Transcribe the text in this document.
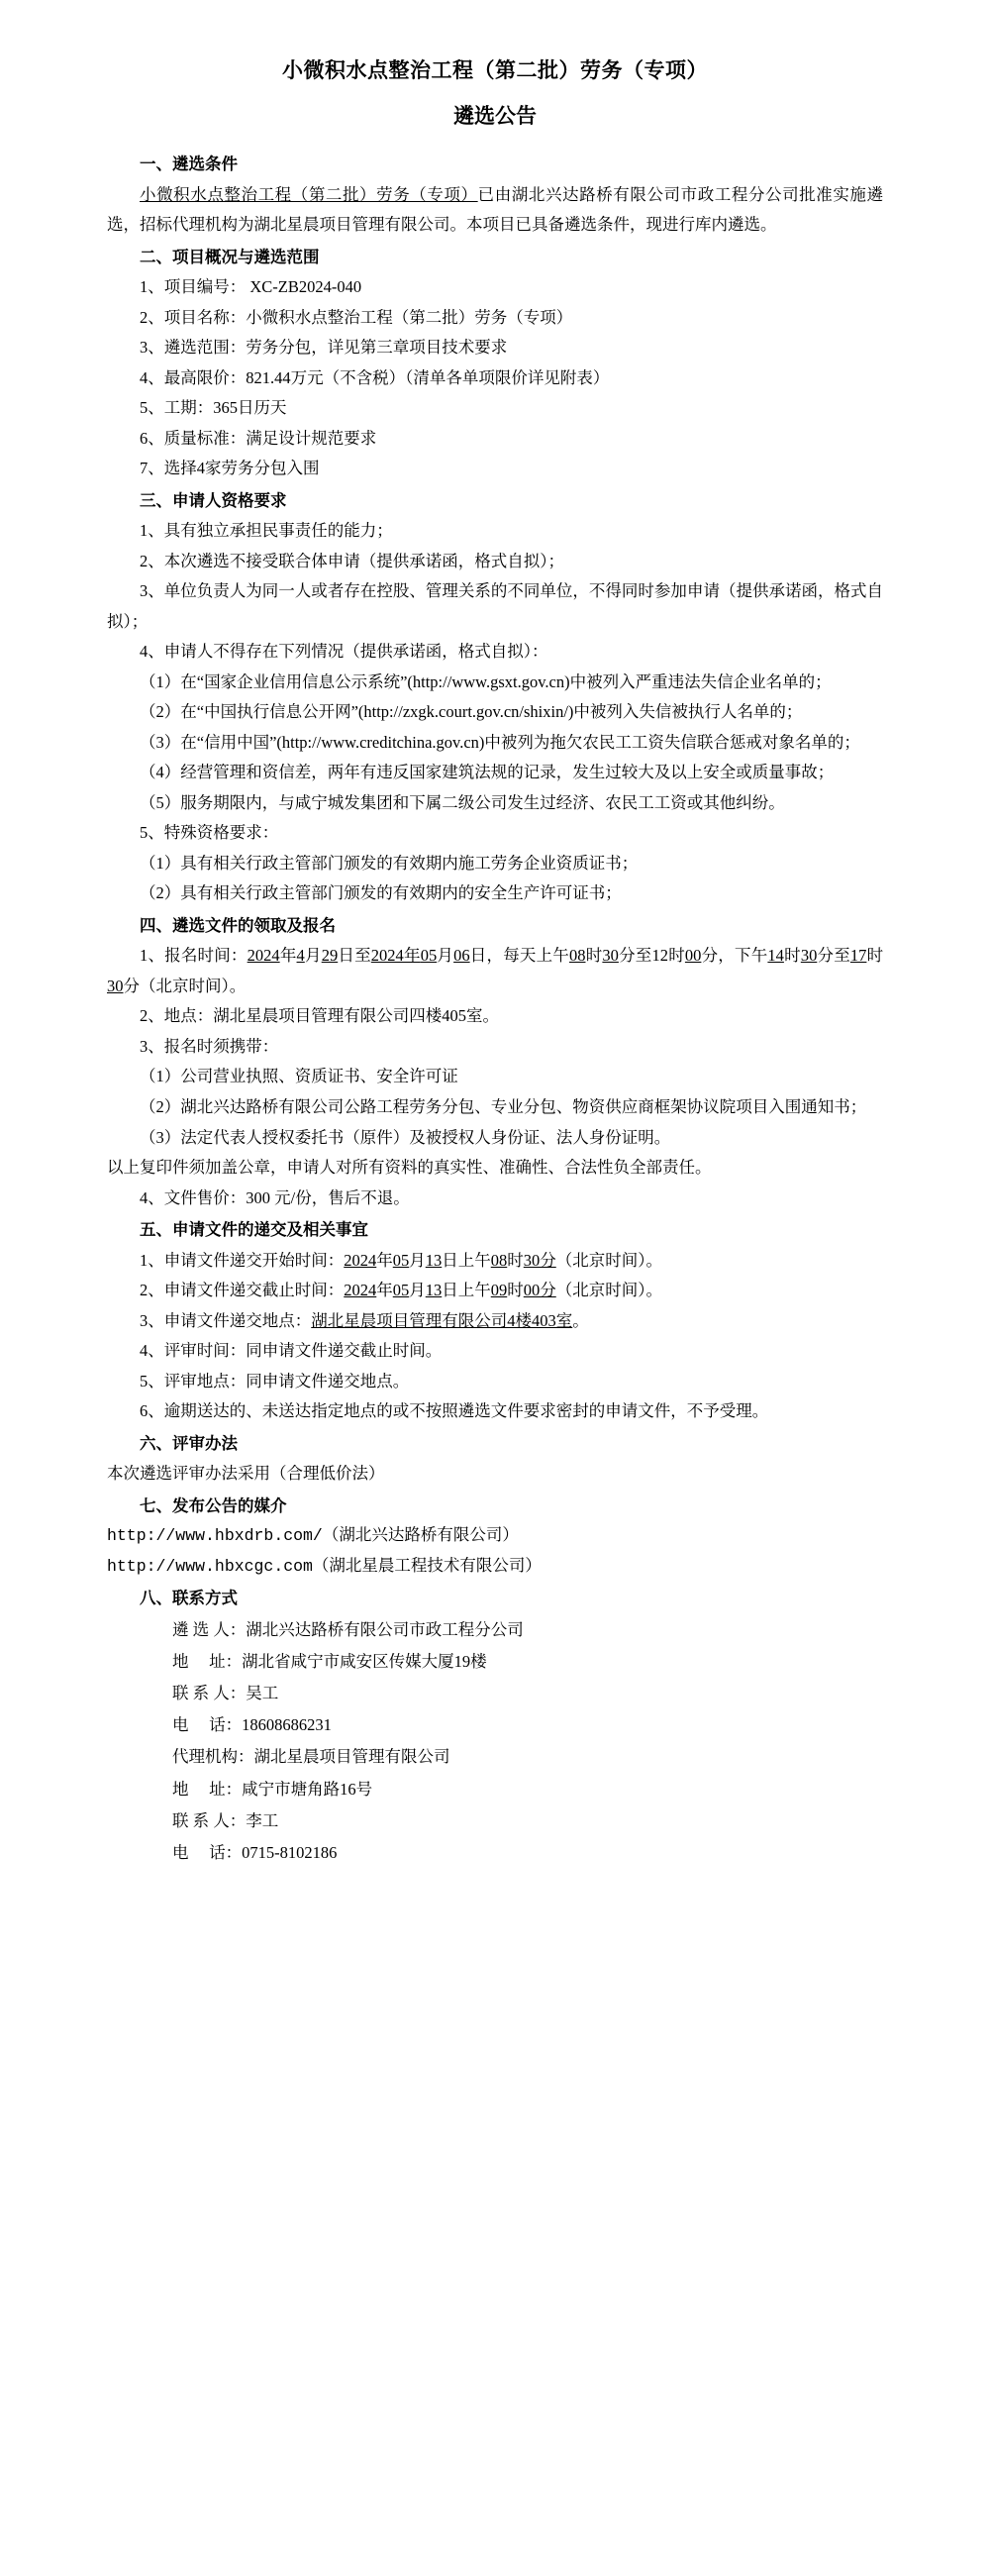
小微积水点整治工程（第二批）劳务（专项）
遴选公告
一、遴选条件

小微积水点整治工程（第二批）劳务（专项）已由湖北兴达路桥有限公司市政工程分公司批准实施遴选，招标代理机构为湖北星晨项目管理有限公司。本项目已具备遴选条件，现进行库内遴选。

二、项目概况与遴选范围

1、项目编号： XC-ZB2024-040

2、项目名称：小微积水点整治工程（第二批）劳务（专项）

3、遴选范围：劳务分包，详见第三章项目技术要求

4、最高限价：821.44万元（不含税）（清单各单项限价详见附表）

5、工期：365日历天

6、质量标准：满足设计规范要求

7、选择4家劳务分包入围

三、申请人资格要求

1、具有独立承担民事责任的能力；

2、本次遴选不接受联合体申请（提供承诺函，格式自拟）；

3、单位负责人为同一人或者存在控股、管理关系的不同单位，不得同时参加申请（提供承诺函，格式自拟）；

4、申请人不得存在下列情况（提供承诺函，格式自拟）：

（1）在“国家企业信用信息公示系统”(http://www.gsxt.gov.cn)中被列入严重违法失信企业名单的；

（2）在“中国执行信息公开网”(http://zxgk.court.gov.cn/shixin/)中被列入失信被执行人名单的；

（3）在“信用中国”(http://www.creditchina.gov.cn)中被列为拖欠农民工工资失信联合惩戒对象名单的；

（4）经营管理和资信差，两年有违反国家建筑法规的记录，发生过较大及以上安全或质量事故；

（5）服务期限内，与咸宁城发集团和下属二级公司发生过经济、农民工工资或其他纠纷。

5、特殊资格要求：

（1）具有相关行政主管部门颁发的有效期内施工劳务企业资质证书；

（2）具有相关行政主管部门颁发的有效期内的安全生产许可证书；

四、遴选文件的领取及报名

1、报名时间：2024年4月29日至2024年05月06日，每天上午08时30分至12时00分，下午14时30分至17时30分（北京时间）。

2、地点：湖北星晨项目管理有限公司四楼405室。

3、报名时须携带：

（1）公司营业执照、资质证书、安全许可证

（2）湖北兴达路桥有限公司公路工程劳务分包、专业分包、物资供应商框架协议院项目入围通知书；

（3）法定代表人授权委托书（原件）及被授权人身份证、法人身份证明。

以上复印件须加盖公章，申请人对所有资料的真实性、准确性、合法性负全部责任。

4、文件售价：300 元/份，售后不退。

五、申请文件的递交及相关事宜

1、申请文件递交开始时间：2024年05月13日上午08时30分（北京时间）。

2、申请文件递交截止时间：2024年05月13日上午09时00分（北京时间）。

3、申请文件递交地点：湖北星晨项目管理有限公司4楼403室。

4、评审时间：同申请文件递交截止时间。

5、评审地点：同申请文件递交地点。

6、逾期送达的、未送达指定地点的或不按照遴选文件要求密封的申请文件，不予受理。

六、评审办法

本次遴选评审办法采用（合理低价法）

七、发布公告的媒介

http://www.hbxdrb.com/（湖北兴达路桥有限公司）

http://www.hbxcgc.com（湖北星晨工程技术有限公司）

八、联系方式

遴 选 人：湖北兴达路桥有限公司市政工程分公司

地     址：湖北省咸宁市咸安区传媒大厦19楼

联 系 人：吴工

电     话：18608686231

代理机构：湖北星晨项目管理有限公司

地     址：咸宁市塘角路16号

联 系 人：李工

电     话：0715-8102186
